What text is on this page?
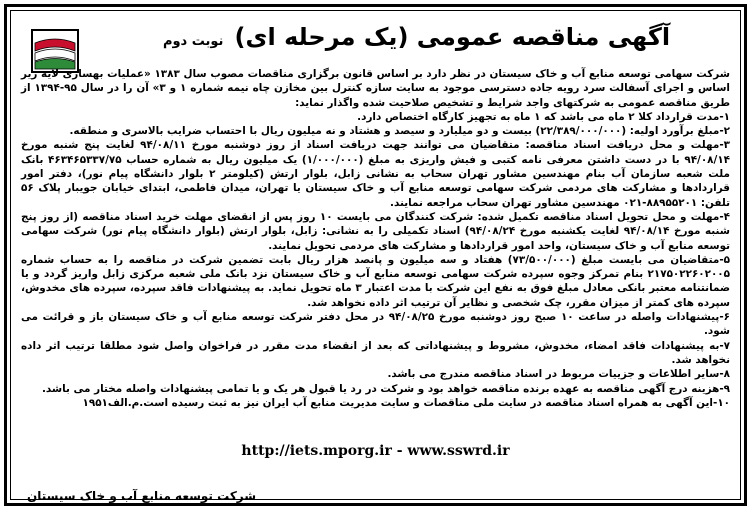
آگهی مناقصه عمومی (یک مرحله ای) نوبت دوم

شرکت سهامی توسعه منابع آب و خاک سیستان در نظر دارد بر اساس قانون برگزاری مناقصات مصوب سال ۱۳۸۳ «عملیات بهسازی لایه زیر اساس و اجرای آسفالت سرد رویه جاده دسترسی موجود به سایت سازه کنترل بین مخازن چاه نیمه شماره ۱ و ۳» آن را در سال ۹۵-۱۳۹۴ از طریق مناقصه عمومی به شرکتهای واجد شرایط و تشخیص صلاحیت شده واگذار نماید:

۱-مدت قرارداد کلا ۲ ماه می باشد که ۱ ماه به تجهیز کارگاه اختصاص دارد.

۲-مبلغ برآورد اولیه: (۲۲/۳۸۹/۰۰۰/۰۰۰) بیست و دو میلیارد و سیصد و هشتاد و نه میلیون ریال با احتساب ضرایب بالاسری و منطقه.

۳-مهلت و محل دریافت اسناد مناقصه: متقاضیان می توانند جهت دریافت اسناد از روز دوشنبه مورخ ۹۴/۰۸/۱۱ لغایت پنج شنبه مورخ ۹۴/۰۸/۱۴ با در دست داشتن معرفی نامه کتبی و فیش واریزی به مبلغ (۱/۰۰۰/۰۰۰) یک میلیون ریال به شماره حساب ۴۶۳۴۶۵۳۳۷/۷۵ بانک ملت شعبه سازمان آب بنام مهندسین مشاور تهران سحاب به نشانی زابل، بلوار ارتش (کیلومتر ۲ بلوار دانشگاه پیام نور)، دفتر امور قراردادها و مشارکت های مردمی شرکت سهامی توسعه منابع آب و خاک سیستان یا تهران، میدان فاطمی، ابتدای خیابان جویبار پلاک ۵۶ تلفن: ۸۸۹۵۵۲۰۱-۰۲۱ مهندسین مشاور تهران سحاب مراجعه نمایند.

۴-مهلت و محل تحویل اسناد مناقصه تکمیل شده: شرکت کنندگان می بایست ۱۰ روز پس از انقضای مهلت خرید اسناد مناقصه (از روز پنج شنبه مورخ ۹۴/۰۸/۱۴ لغایت یکشنبه مورخ ۹۴/۰۸/۲۴) اسناد تکمیلی را به نشانی: زابل، بلوار ارتش (بلوار دانشگاه پیام نور) شرکت سهامی توسعه منابع آب و خاک سیستان، واحد امور قراردادها و مشارکت های مردمی تحویل نمایند.

۵-متقاضیان می بایست مبلغ (۷۳/۵۰۰/۰۰۰) هفتاد و سه میلیون و پانصد هزار ریال بابت تضمین شرکت در مناقصه را به حساب شماره ۲۱۷۵۰۲۲۶۰۲۰۰۵ بنام تمرکز وجوه سپرده شرکت سهامی توسعه منابع آب و خاک سیستان نزد بانک ملی شعبه مرکزی زابل واریز گردد و یا ضمانتنامه معتبر بانکی معادل مبلغ فوق به نفع این شرکت با مدت اعتبار ۳ ماه تحویل نماید. به پیشنهادات فاقد سپرده، سپرده های مخدوش، سپرده های کمتر از میزان مقرر، چک شخصی و نظایر آن ترتیب اثر داده نخواهد شد.

۶-پیشنهادات واصله در ساعت ۱۰ صبح روز دوشنبه مورخ ۹۴/۰۸/۲۵ در محل دفتر شرکت توسعه منابع آب و خاک سیستان باز و قرائت می شود.

۷-به پیشنهادات فاقد امضاء، مخدوش، مشروط و پیشنهاداتی که بعد از انقضاء مدت مقرر در فراخوان واصل شود مطلقا ترتیب اثر داده نخواهد شد.

۸-سایر اطلاعات و جزییات مربوط در اسناد مناقصه مندرج می باشد.

۹-هزینه درج آگهی مناقصه به عهده برنده مناقصه خواهد بود و شرکت در رد یا قبول هر یک و یا تمامی پیشنهادات واصله مختار می باشد.

۱۰-این آگهی به همراه اسناد مناقصه در سایت ملی مناقصات و سایت مدیریت منابع آب ایران نیز به ثبت رسیده است.م.الف۱۹۵۱

http://iets.mporg.ir - www.sswrd.ir
شرکت توسعه منابع آب و خاک سیستان
